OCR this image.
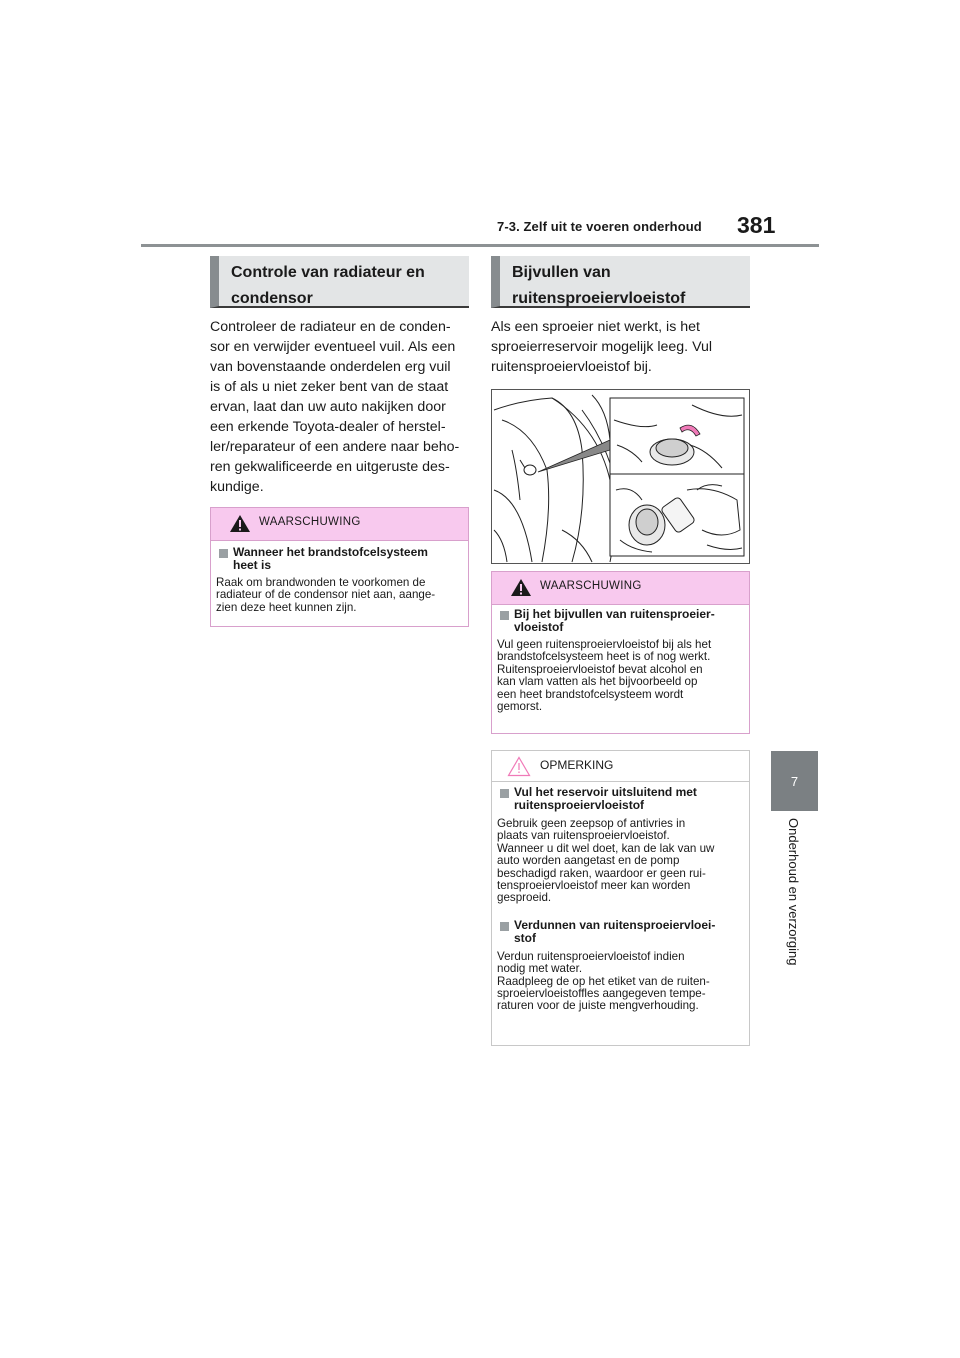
7-3. Zelf uit te voeren onderhoud 381
7
Onderhoud en verzorging
Controle van radiateur en
condensor
Controleer de radiateur en de conden-
sor en verwijder eventueel vuil. Als een
van bovenstaande onderdelen erg vuil
is of als u niet zeker bent van de staat
ervan, laat dan uw auto nakijken door
een erkende Toyota-dealer of herstel-
ler/reparateur of een andere naar beho-
ren gekwalificeerde en uitgeruste des-
kundige.
WAARSCHUWING
Wanneer het brandstofcelsysteem
heet is
Raak om brandwonden te voorkomen de
radiateur of de condensor niet aan, aange-
zien deze heet kunnen zijn.
Bijvullen van
ruitensproeiervloeistof
Als een sproeier niet werkt, is het
sproeierreservoir mogelijk leeg. Vul
ruitensproeiervloeistof bij.
WAARSCHUWING
Bij het bijvullen van ruitensproeier-
vloeistof
Vul geen ruitensproeiervloeistof bij als het
brandstofcelsysteem heet is of nog werkt.
Ruitensproeiervloeistof bevat alcohol en
kan vlam vatten als het bijvoorbeeld op
een heet brandstofcelsysteem wordt
gemorst.
OPMERKING
Vul het reservoir uitsluitend met
ruitensproeiervloeistof
Gebruik geen zeepsop of antivries in
plaats van ruitensproeiervloeistof.
Wanneer u dit wel doet, kan de lak van uw
auto worden aangetast en de pomp
beschadigd raken, waardoor er geen rui-
tensproeiervloeistof meer kan worden
gesproeid.
Verdunnen van ruitensproeiervloei-
stof
Verdun ruitensproeiervloeistof indien
nodig met water.
Raadpleeg de op het etiket van de ruiten-
sproeiervloeistoffles aangegeven tempe-
raturen voor de juiste mengverhouding.
